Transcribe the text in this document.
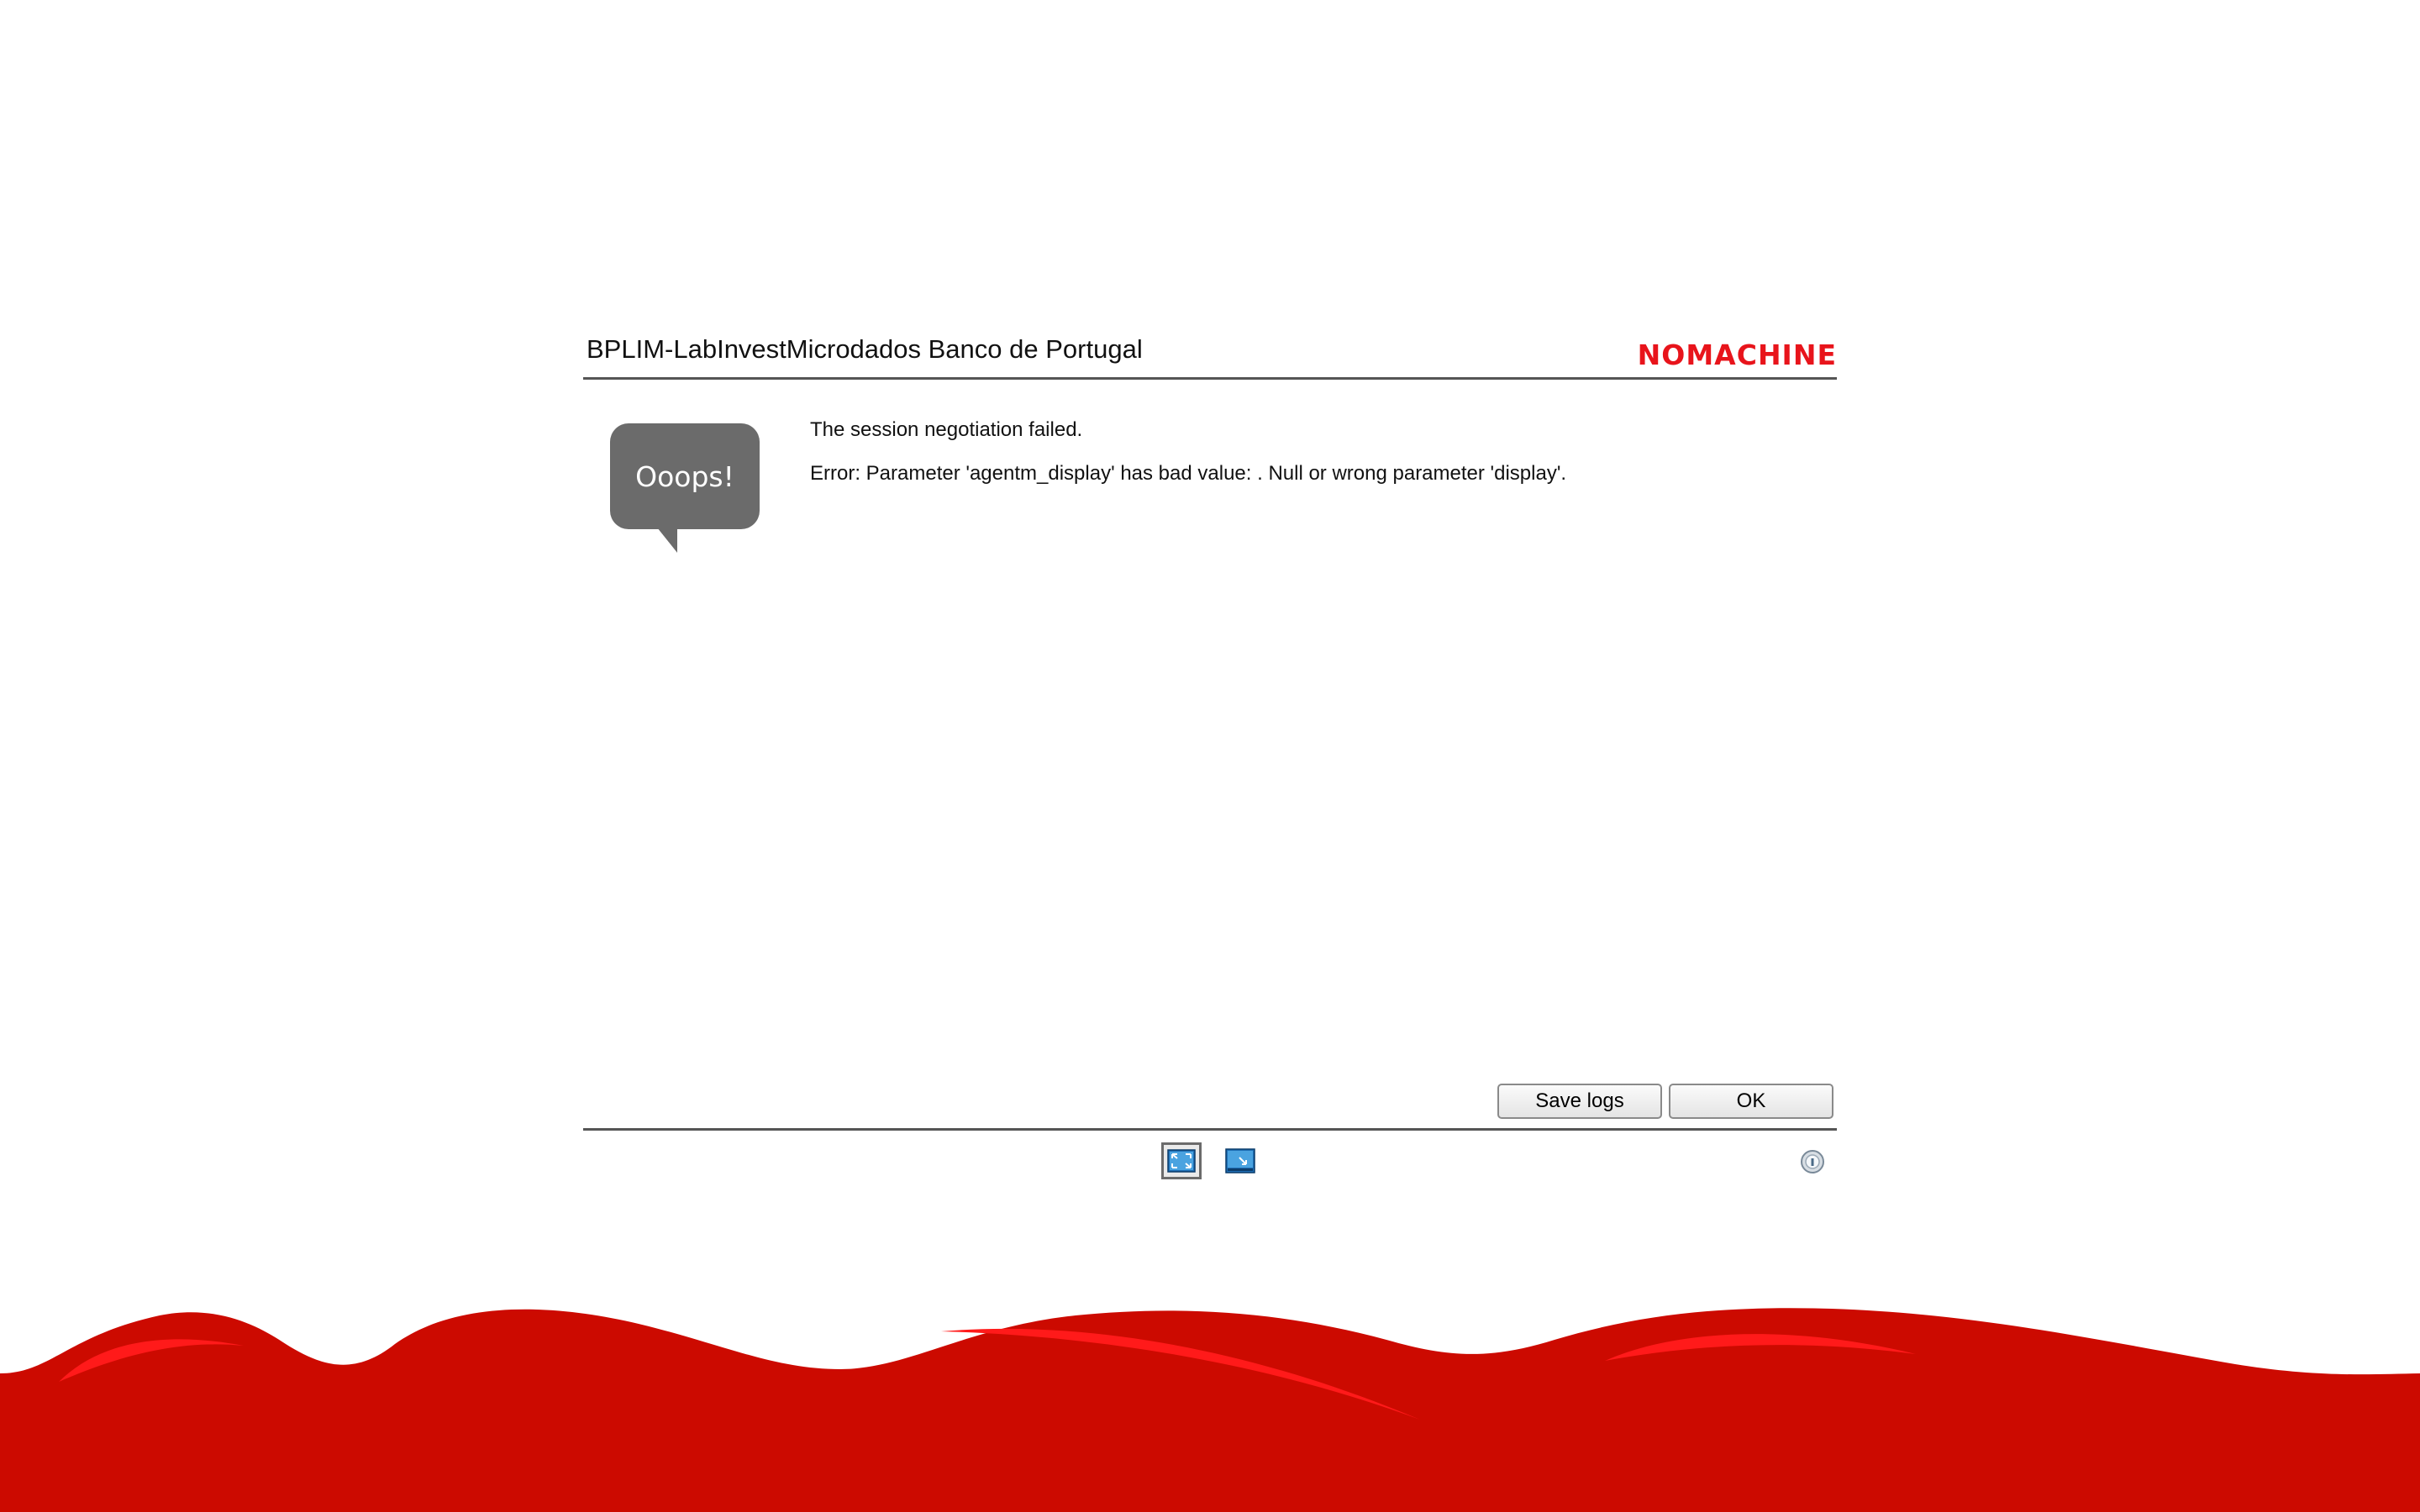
BPLIM-LabInvestMicrodados Banco de Portugal	NOMACHINE
Ooops!
The session negotiation failed.
Error: Parameter 'agentm_display' has bad value: . Null or wrong parameter 'display'.
Save logs	OK
